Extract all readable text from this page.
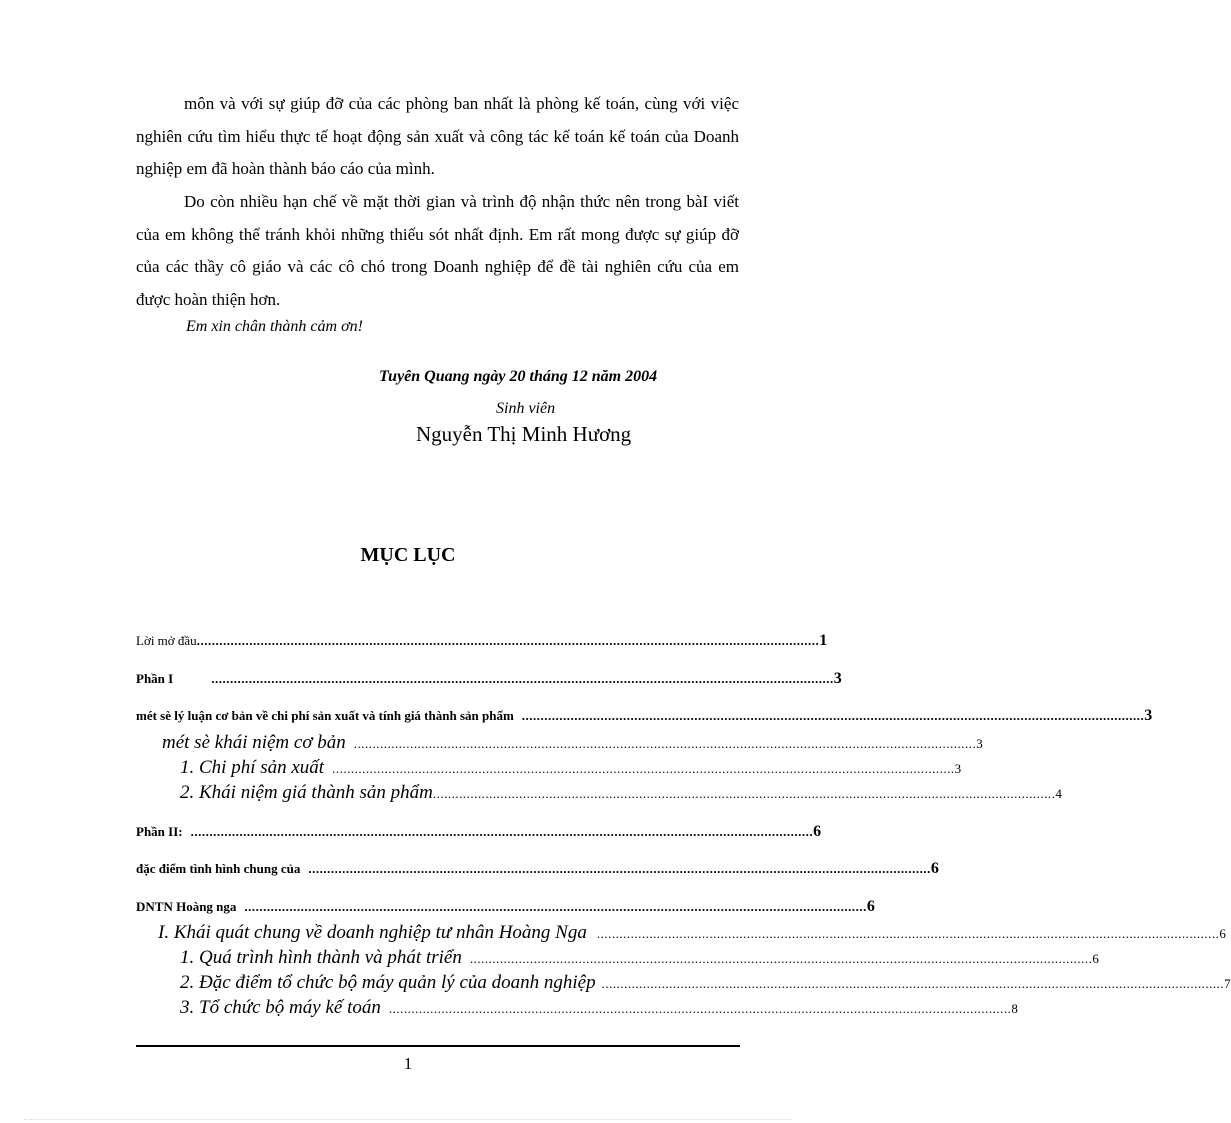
môn và với sự giúp đỡ của các phòng ban nhất là phòng kế toán, cùng với việc nghiên cứu tìm hiểu thực tế hoạt động sản xuất và công tác kế toán kế toán của Doanh nghiệp em đã hoàn thành báo cáo của mình.

Do còn nhiều hạn chế về mặt thời gian và trình độ nhận thức nên trong bàI viết của em không thể tránh khỏi những thiếu sót nhất định. Em rất mong được sự giúp đỡ của các thầy cô giáo và các cô chó trong Doanh nghiệp để đề tài nghiên cứu của em được hoàn thiện hơn.

Em xin chân thành cảm ơn!
Tuyên Quang ngày 20 tháng 12 năm 2004
Sinh viên
Nguyễn Thị Minh Hương
MỤC LỤC
Lời mở đầu ...................................................................................................................................................................... 1
Phần I	...................................................................................................................................................................... 3
mét sè lý luận cơ bản về chi phí sản xuất và tính giá thành sản phẩm ...................................................................................................................................................................... 3
mét sè khái niệm cơ bản ...................................................................................................................................................................... 3
1. Chi phí sản xuất ...................................................................................................................................................................... 3
2. Khái niệm giá thành sản phẩm ...................................................................................................................................................................... 4
Phần II: ...................................................................................................................................................................... 6
đặc điểm tình hình chung của ...................................................................................................................................................................... 6
DNTN Hoàng nga ...................................................................................................................................................................... 6
I. Khái quát chung về doanh nghiệp tư nhân Hoàng Nga ...................................................................................................................................................................... 6
1. Quá trình hình thành và phát triển ...................................................................................................................................................................... 6
2. Đặc điểm tổ chức bộ máy quản lý của doanh nghiệp ...................................................................................................................................................................... 7
3. Tổ chức bộ máy kế toán ...................................................................................................................................................................... 8
1
